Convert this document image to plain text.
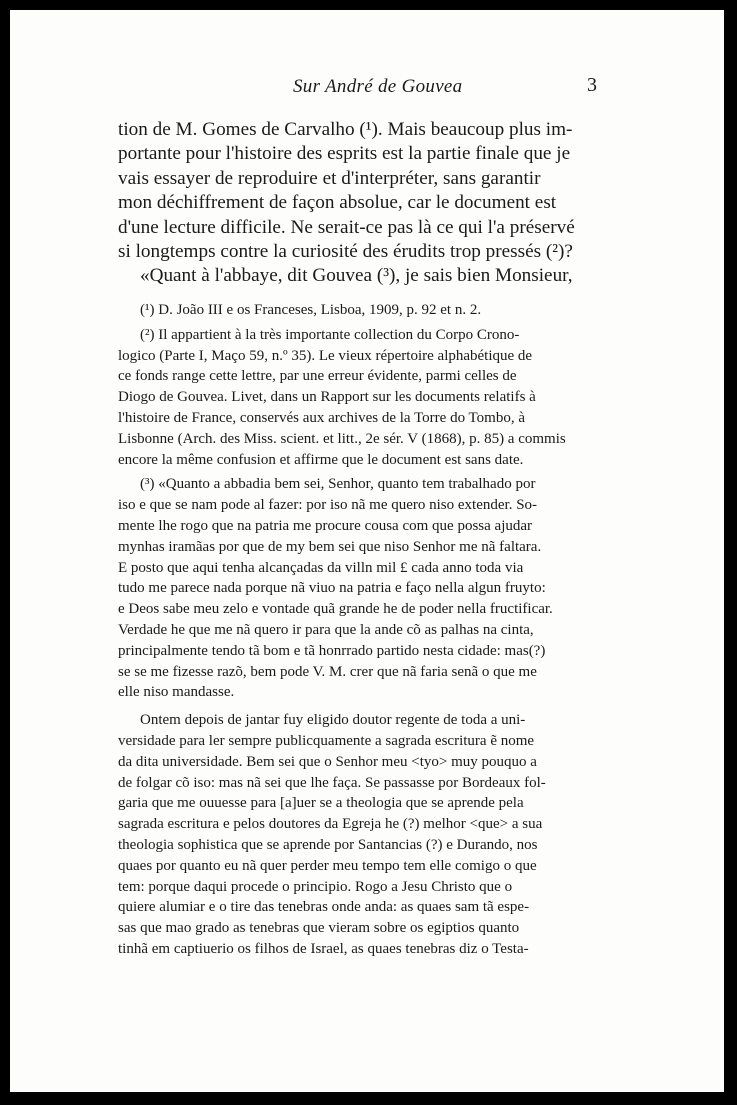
Sur André de Gouvea	3
tion de M. Gomes de Carvalho (¹). Mais beaucoup plus im-
portante pour l'histoire des esprits est la partie finale que je
vais essayer de reproduire et d'interpréter, sans garantir
mon déchiffrement de façon absolue, car le document est
d'une lecture difficile. Ne serait-ce pas là ce qui l'a préservé
si longtemps contre la curiosité des érudits trop pressés (²)?
«Quant à l'abbaye, dit Gouvea (³), je sais bien Monsieur,
(¹) D. João III e os Franceses, Lisboa, 1909, p. 92 et n. 2.
(²) Il appartient à la très importante collection du Corpo Crono-
logico (Parte I, Maço 59, n.º 35). Le vieux répertoire alphabétique de
ce fonds range cette lettre, par une erreur évidente, parmi celles de
Diogo de Gouvea. Livet, dans un Rapport sur les documents relatifs à
l'histoire de France, conservés aux archives de la Torre do Tombo, à
Lisbonne (Arch. des Miss. scient. et litt., 2e sér. V (1868), p. 85) a commis
encore la même confusion et affirme que le document est sans date.
(³) «Quanto a abbadia bem sei, Senhor, quanto tem trabalhado por
iso e que se nam pode al fazer: por iso nã me quero niso extender. So-
mente lhe rogo que na patria me procure cousa com que possa ajudar
mynhas iramãas por que de my bem sei que niso Senhor me nã faltara.
E posto que aqui tenha alcançadas da villn mil £ cada anno toda via
tudo me parece nada porque nã viuo na patria e faço nella algun fruyto:
e Deos sabe meu zelo e vontade quã grande he de poder nella fructificar.
Verdade he que me nã quero ir para que la ande cõ as palhas na cinta,
principalmente tendo tã bom e tã honrrado partido nesta cidade: mas(?)
se se me fizesse razõ, bem pode V. M. crer que nã faria senã o que me
elle niso mandasse.
Ontem depois de jantar fuy eligido doutor regente de toda a uni-
versidade para ler sempre publicquamente a sagrada escritura ẽ nome
da dita universidade. Bem sei que o Senhor meu <tyo> muy pouquo a
de folgar cõ iso: mas nã sei que lhe faça. Se passasse por Bordeaux fol-
garia que me ouuesse para [a]uer se a theologia que se aprende pela
sagrada escritura e pelos doutores da Egreja he (?) melhor <que> a sua
theologia sophistica que se aprende por Santancias (?) e Durando, nos
quaes por quanto eu nã quer perder meu tempo tem elle comigo o que
tem: porque daqui procede o principio. Rogo a Jesu Christo que o
quiere alumiar e o tire das tenebras onde anda: as quaes sam tã espe-
sas que mao grado as tenebras que vieram sobre os egiptios quanto
tinhã em captiuerio os filhos de Israel, as quaes tenebras diz o Testa-
